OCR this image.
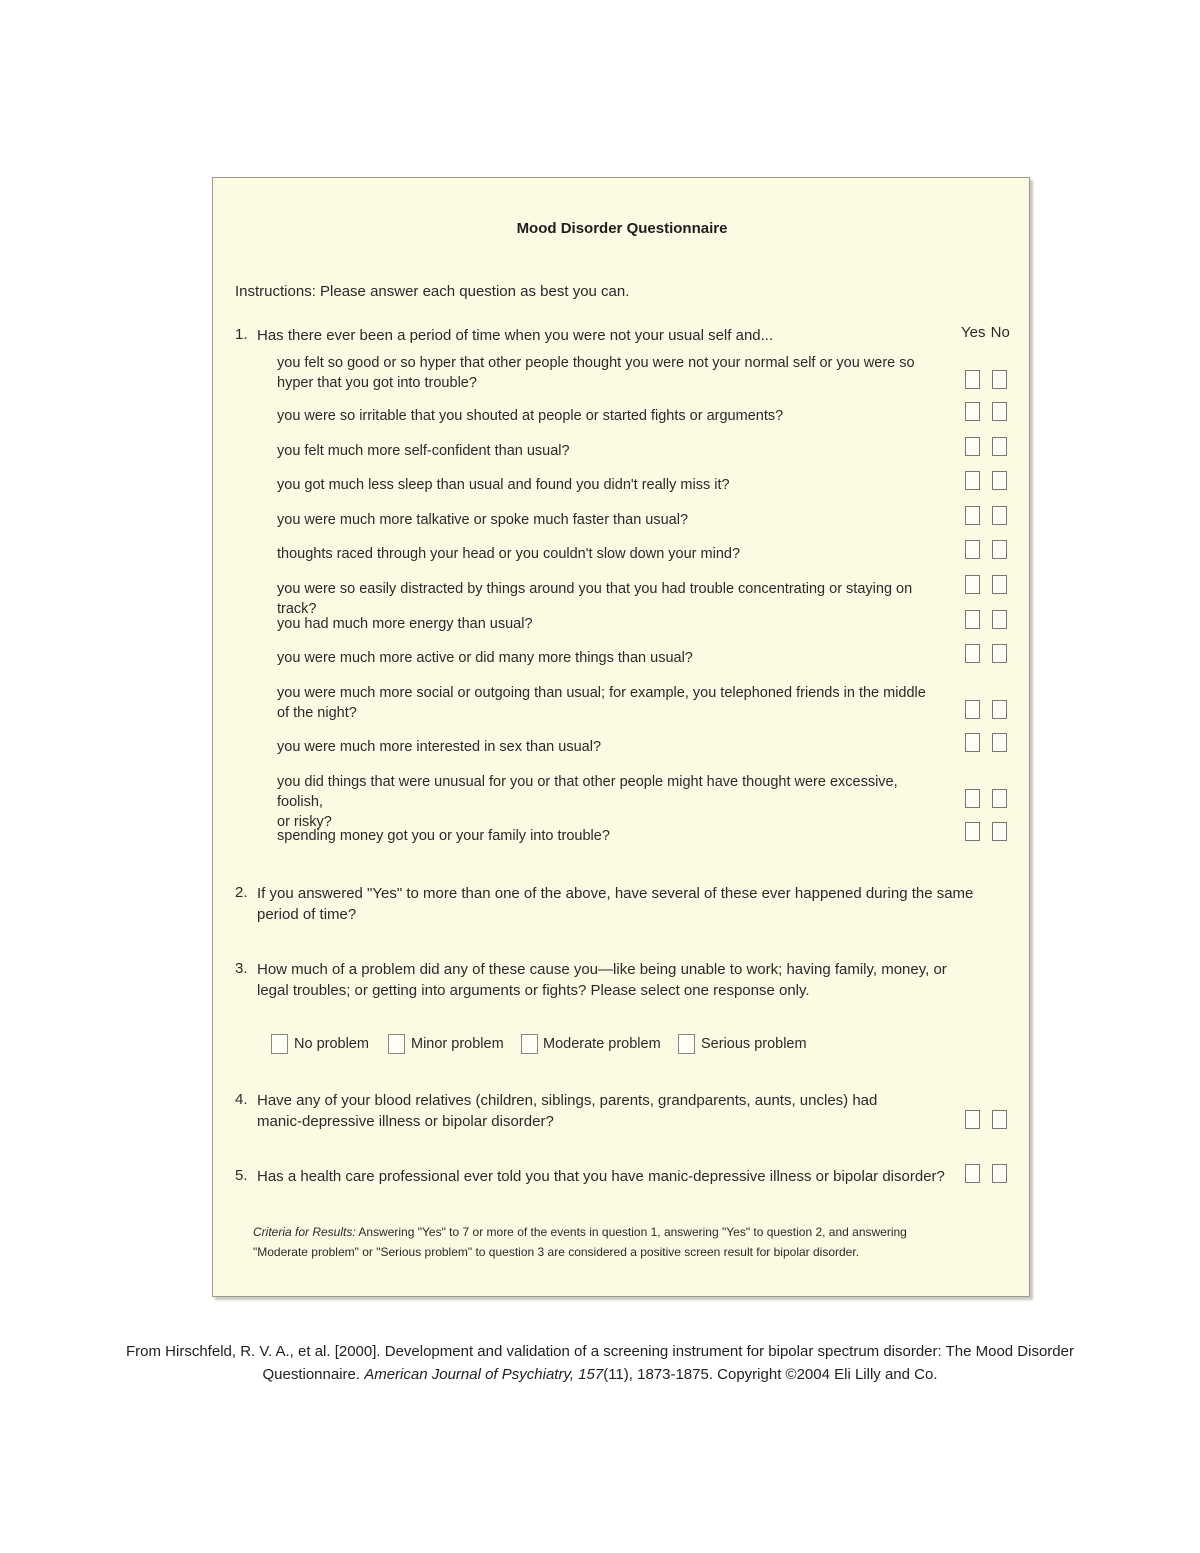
Mood Disorder Questionnaire
Instructions: Please answer each question as best you can.
1. Has there ever been a period of time when you were not your usual self and...	Yes No
you felt so good or so hyper that other people thought you were not your normal self or you were so
hyper that you got into trouble?
you were so irritable that you shouted at people or started fights or arguments?
you felt much more self-confident than usual?
you got much less sleep than usual and found you didn't really miss it?
you were much more talkative or spoke much faster than usual?
thoughts raced through your head or you couldn't slow down your mind?
you were so easily distracted by things around you that you had trouble concentrating or staying on track?
you had much more energy than usual?
you were much more active or did many more things than usual?
you were much more social or outgoing than usual; for example, you telephoned friends in the middle
of the night?
you were much more interested in sex than usual?
you did things that were unusual for you or that other people might have thought were excessive, foolish,
or risky?
spending money got you or your family into trouble?
2. If you answered "Yes" to more than one of the above, have several of these ever happened during the same
period of time?
3. How much of a problem did any of these cause you—like being unable to work; having family, money, or
legal troubles; or getting into arguments or fights? Please select one response only.
No problem	Minor problem	Moderate problem	Serious problem
4. Have any of your blood relatives (children, siblings, parents, grandparents, aunts, uncles) had
manic-depressive illness or bipolar disorder?
5. Has a health care professional ever told you that you have manic-depressive illness or bipolar disorder?
Criteria for Results: Answering "Yes" to 7 or more of the events in question 1, answering "Yes" to question 2, and answering
"Moderate problem" or "Serious problem" to question 3 are considered a positive screen result for bipolar disorder.
From Hirschfeld, R. V. A., et al. [2000]. Development and validation of a screening instrument for bipolar spectrum disorder: The Mood Disorder
Questionnaire. American Journal of Psychiatry, 157(11), 1873-1875. Copyright ©2004 Eli Lilly and Co.
